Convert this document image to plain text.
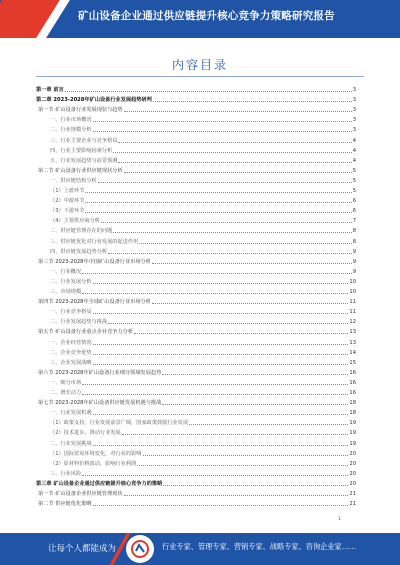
矿山设备企业通过供应链提升核心竞争力策略研究报告
内容目录
第一章 前言	3
第二章 2023-2028年矿山设备行业发展趋势研判	3
第一节 矿山设备行业发展现状与趋势	3
一、行业市场概况	3
二、行业规模分析	3
三、行业主要企业与竞争格局	4
四、行业主要影响因素分析	4
五、行业发展趋势与前景预测	4
第二节 矿山设备行业供应链现状分析	5
一、供应链结构分析	5
（1）上游环节	5
（2）中游环节	6
（3）下游环节	6
（4）主要供应商分析	7
二、供应链管理存在的问题	8
三、供应链优化对行业发展的促进作用	8
四、供应链发展趋势分析	9
第三节 2023-2028年中国矿山设备行业市场分析	9
一、行业概况	9
二、行业发展分析	10
三、市场规模	10
第四节 2023-2028年全球矿山设备行业市场分析	11
一、行业竞争格局	11
二、行业发展趋势与挑战	12
第五节 矿山设备行业重点企业竞争力分析	13
一、企业经营情况	13
二、企业竞争优势	14
三、企业发展战略	15
第六节 2023-2028年矿山设备行业细分领域发展趋势	16
一、细分市场	16
二、增长动力	16
第七节 2023-2028年矿山设备供应链发展机遇与挑战	18
一、行业发展机遇	18
（1）政策支持，行业发展前景广阔，国家政策鼓励行业发展	19
（2）技术进步，推动行业发展	19
二、行业发展挑战	19
（1）国际贸易环境变化，对行业的影响	20
（2）原材料价格波动，影响行业利润	20
三、行业风险	20
第三章 矿山设备企业通过供应链提升核心竞争力的策略	20
第一节 矿山设备企业供应链管理现状	21
第二节 供应链优化策略	21
1
让每个人都能成为	行业专家、管理专家、营销专家、战略专家、咨询企业家……
